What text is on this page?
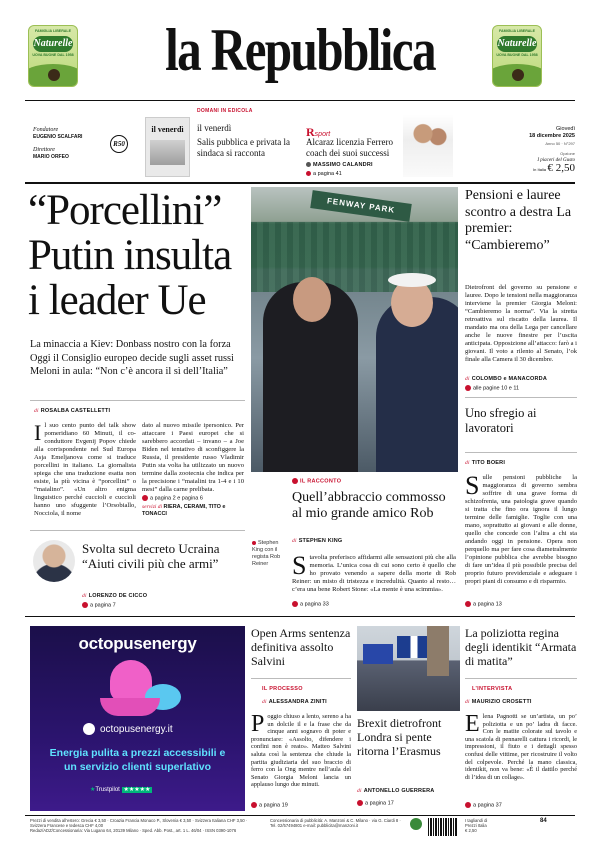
FAMIGLIA LIBERALE
Naturelle
UOVA BUONE DAL 1958
FAMIGLIA LIBERALE
Naturelle
UOVA BUONE DAL 1958
la Repubblica
DOMANI IN EDICOLA
Fondatore
EUGENIO SCALFARI
Direttore
MARIO ORFEO
R50
il venerdì	il venerdì
Salis pubblica e privata la sindaca si racconta
Rsport
Alcaraz licenzia Ferrero coach dei suoi successi
MASSIMO CALANDRI
a pagina 41
Giovedì
18 dicembre 2025
Anno 50 · N°297
Opzione
I piaceri del Gusto
In Italia € 2,50
“Porcellini” Putin insulta i leader Ue
La minaccia a Kiev: Donbass nostro con la forza Oggi il Consiglio europeo decide sugli asset russi Meloni in aula: “Non c’è ancora il sì dell’Italia”
di ROSALBA CASTELLETTI
Il suo cento punto del talk show pomeridiano 60 Minuti, il co-conduttore Evgenij Popov chiede alla corrispondente nel Sud Europa Asja Emeljanova come si traduce porcellini in italiano. La giornalista spiega che una traduzione esatta non esiste, la più vicina è “porcellini” o “maialino”. «Un altro enigma linguistico perché cuccioli e cuccioli hanno uno sfuggente l’Orsobiallo, Nocciola, il nome
dato al nuovo missile ipersonico. Per attaccare i Paesi europei che si sarebbero accordati – invano – a Joe Biden nel tentativo di sconfiggere la Russia, il presidente russo Vladimir Putin sta volta ha utilizzato un nuovo termine dalla zootecnia che indica per la precisione i “maialini tra 1-4 e i 10 mesi” dalla carne prelibata.
a pagina 2 e pagina 6
servizi di RIERA, CERAMI, TITO e TONACCI
Svolta sul decreto Ucraina “Aiuti civili più che armi”
di LORENZO DE CICCO
a pagina 7
FENWAY PARK
IL RACCONTO
Quell’abbraccio commosso al mio grande amico Rob
di STEPHEN KING
Stephen King con il regista Rob Reiner Stavolta preferisco affidarmi alle sensazioni più che alla memoria. L’unica cosa di cui sono certo è quello che ho provato venendo a sapere della morte di Rob Reiner: un misto di tristezza e incredulità. Quanto al resto… c’era una bene Robert Stone: «La mente è una scimmia».
a pagina 33
Pensioni e lauree scontro a destra La premier: “Cambieremo”
Dietrofront del governo su pensione e lauree. Dopo le tensioni nella maggioranza interviene la premier Giorgia Meloni: “Cambieremo la norma”. Via la stretta retroattiva sul riscatto della laurea. Il mandato ma ora della Lega per cancellare anche le nuove finestre per l’uscita anticipata. Opposizione all’attacco: farò a i giovani. Il voto a rilento al Senato, l’ok finale alla Camera il 30 dicembre.
di COLOMBO e MANACORDA
alle pagine 10 e 11
Uno sfregio ai lavoratori
di TITO BOERI
Sulle pensioni pubbliche la maggioranza di governo sembra soffrire di una grave forma di schizofrenia, una patologia grave quando si tratta che fino ora ignora il lungo termine delle famiglie. Toglie con una mano, soprattutto ai giovani e alle donne, quello che concede con l’altra a chi sta andando oggi in pensione. Opera non perquello ma per fare cosa diametralmente l’opinione pubblica che avrebbe bisogno di fare un’idea il più possibile precisa del proprio futuro previdenziale e adeguare i propri piani di consumo e di risparmio.
a pagina 13
octopusenergy
octopusenergy.it
Energia pulita a prezzi accessibili e un servizio clienti superlativo
★Trustpilot ★★★★★
Open Arms sentenza definitiva assolto Salvini
IL PROCESSO
di ALESSANDRA ZINITI
Poggio chiuso a lento, sereno a ha un dolcile il e la frase che da cinque anni sognavo di poter e pronunciare: «Assolto, difendere i confini non è reato». Matteo Salvini saluta così la sentenza che chiude la partita giudiziaria del suo braccio di ferro con la Ong mentre nell’aula del Senato Giorgia Meloni lancia un applauso lungo due minuti.
a pagina 19
Brexit dietrofront Londra si pente ritorna l’Erasmus
di ANTONELLO GUERRERA
a pagina 17
La poliziotta regina degli identikit “Armata di matita”
L’INTERVISTA
di MAURIZIO CROSETTI
Elena Pagnotti se un’artista, un po’ poliziotta e un po’ ladra di facce. Con le matite colorate sul tavolo e una scatola di pennarelli cattura i ricordi, le impressioni, il fiuto e i dettagli spesso confusi delle vittime, per ricostruire il volto del colpevole. Perché la mano classica, identikit, non va bene: «È il dattilo perché di l’idea di un collage».
a pagina 37
Prezzi di vendita all’estero: Grecia € 3,50 · Croazia Francia Monaco P., Slovenia € 3,50 · Svizzera Italiana CHF 3,50 · Svizzera Francese e tedesca CHF 4,00
Redaz/ADZ/Concessionaria: Via Lugano 64, 20139 Milano · Sped. Abb. Post., art. 1 L. 46/04 · ISSN 0390-1076
Concessionaria di pubblicità: A. Manzoni & C. Milano · via G. Ciardi 8 · Tel. 02/57494801 e-mail: pubblicita@manzoni.it
I tagliandi di
Prezzi Italia
€ 2,50
84
